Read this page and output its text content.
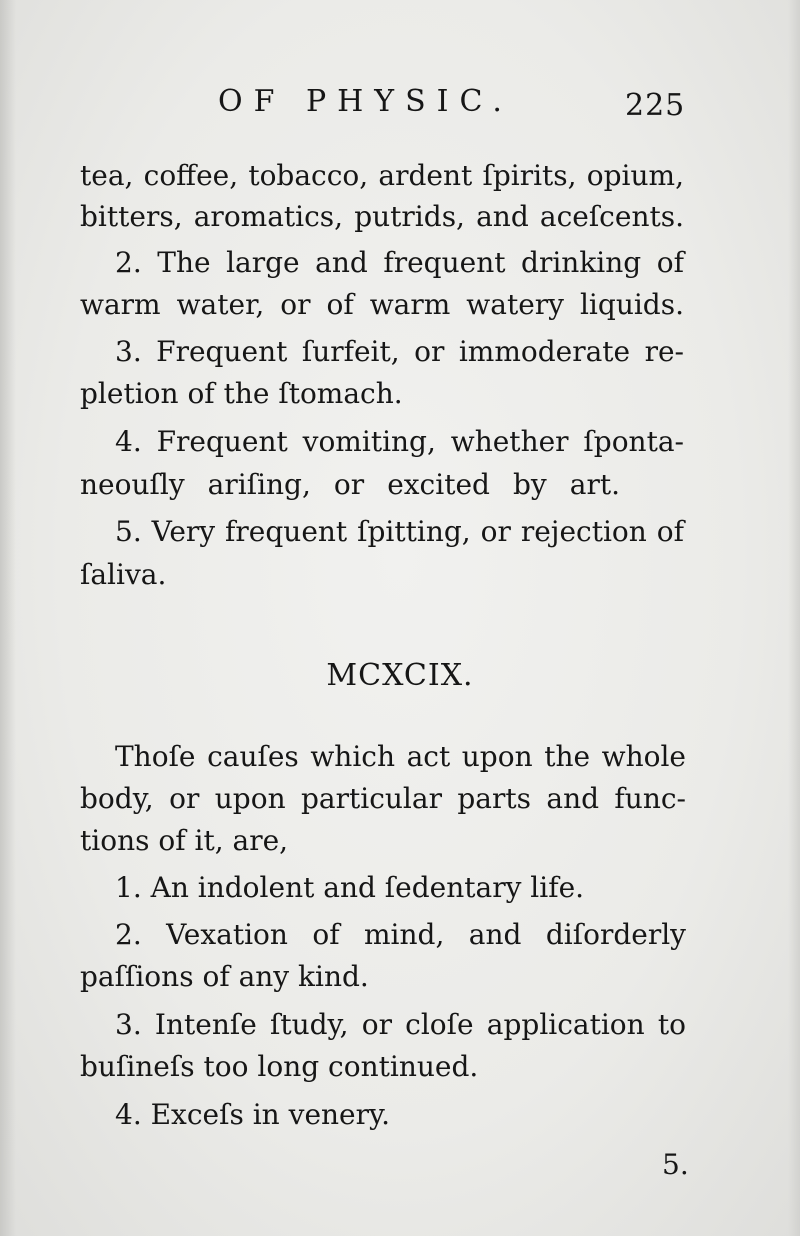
OF PHYSIC.	225
tea, coffee, tobacco, ardent ſpirits, opium,
bitters, aromatics, putrids, and aceſcents.
2. The large and frequent drinking of
warm water, or of warm watery liquids.
3. Frequent ſurfeit, or immoderate re-
pletion of the ſtomach.
4. Frequent vomiting, whether ſponta-
neouſly ariſing, or excited by art.
5. Very frequent ſpitting, or rejection of
ſaliva.
MCXCIX.
Thoſe cauſes which act upon the whole
body, or upon particular parts and func-
tions of it, are,
1. An indolent and ſedentary life.
2. Vexation of mind, and diſorderly
paſſions of any kind.
3. Intenſe ſtudy, or cloſe application to
buſineſs too long continued.
4. Exceſs in venery.
5.
